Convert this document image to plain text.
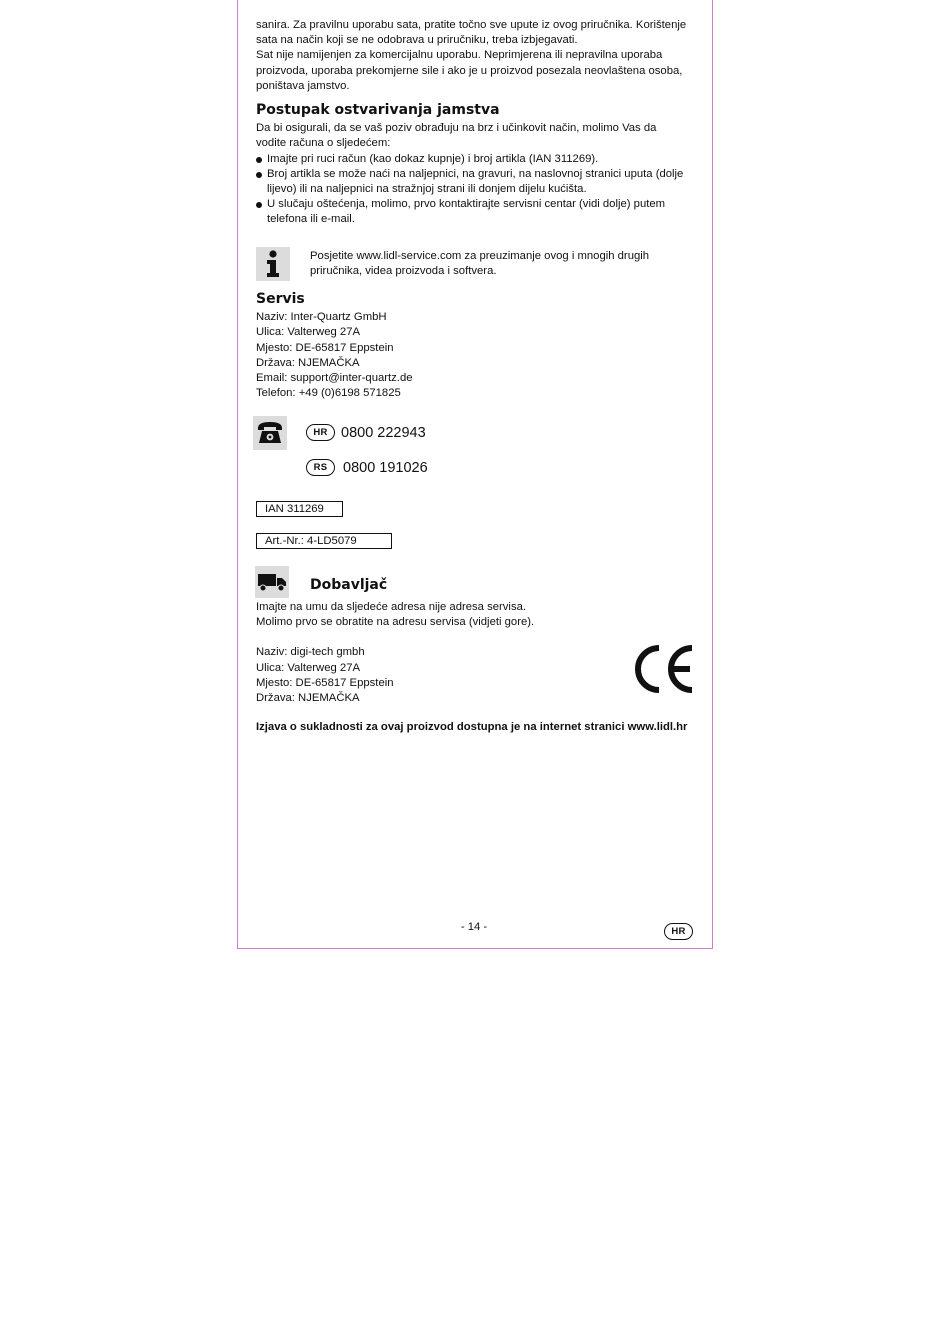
sanira. Za pravilnu uporabu sata, pratite točno sve upute iz ovog priručnika. Korištenje

sata na način koji se ne odobrava u priručniku, treba izbjegavati.

Sat nije namijenjen za komercijalnu uporabu. Neprimjerena ili nepravilna uporaba

proizvoda, uporaba prekomjerne sile i ako je u proizvod posezala neovlaštena osoba,

poništava jamstvo.

Postupak ostvarivanja jamstva

Da bi osigurali, da se vaš poziv obrađuju na brz i učinkovit način, molimo Vas da

vodite računa o sljedećem:

Imajte pri ruci račun (kao dokaz kupnje) i broj artikla (IAN 311269).
Broj artikla se može naći na naljepnici, na gravuri, na naslovnoj stranici uputa (dolje
lijevo) ili na naljepnici na stražnjoj strani ili donjem dijelu kućišta.
U slučaju oštećenja, molimo, prvo kontaktirajte servisni centar (vidi dolje) putem
telefona ili e-mail.

Posjetite www.lidl-service.com za preuzimanje ovog i mnogih drugih

priručnika, videa proizvoda i softvera.

Servis

Naziv: Inter-Quartz GmbH

Ulica: Valterweg 27A

Mjesto: DE-65817 Eppstein

Država: NJEMAČKA

Email: support@inter-quartz.de

Telefon: +49 (0)6198 571825

HR 0800 222943
RS	0800 191026
IAN 311269
Art.-Nr.: 4-LD5079
Dobavljač

Imajte na umu da sljedeće adresa nije adresa servisa.

Molimo prvo se obratite na adresu servisa (vidjeti gore).

Naziv: digi-tech gmbh

Ulica: Valterweg 27A

Mjesto: DE-65817 Eppstein

Država: NJEMAČKA

Izjava o sukladnosti za ovaj proizvod dostupna je na internet stranici www.lidl.hr
- 14 -	HR
